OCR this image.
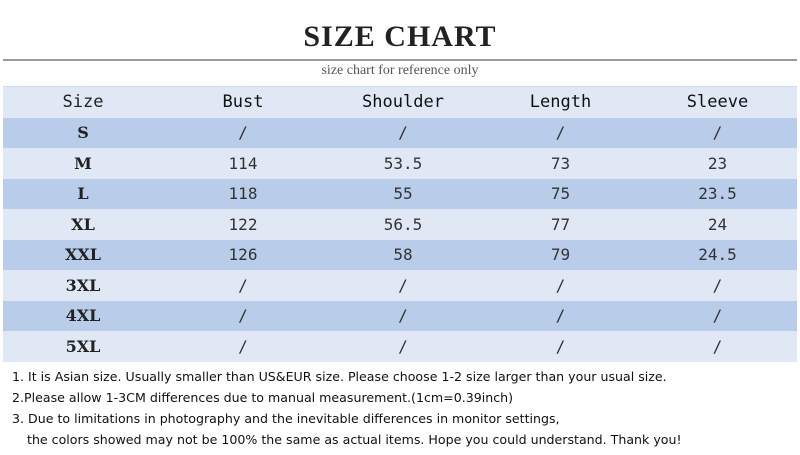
SIZE CHART
size chart for reference only
Size	Bust	Shoulder	Length	Sleeve
S	/	/	/	/
M	114	53.5	73	23
L	118	55	75	23.5
XL	122	56.5	77	24
XXL	126	58	79	24.5
3XL	/	/	/	/
4XL	/	/	/	/
5XL	/	/	/	/
1. It is Asian size. Usually smaller than US&EUR size. Please choose 1-2 size larger than your usual size.
2.Please allow 1-3CM differences due to manual measurement.(1cm=0.39inch)
3. Due to limitations in photography and the inevitable differences in monitor settings,
the colors showed may not be 100% the same as actual items. Hope you could understand. Thank you!
